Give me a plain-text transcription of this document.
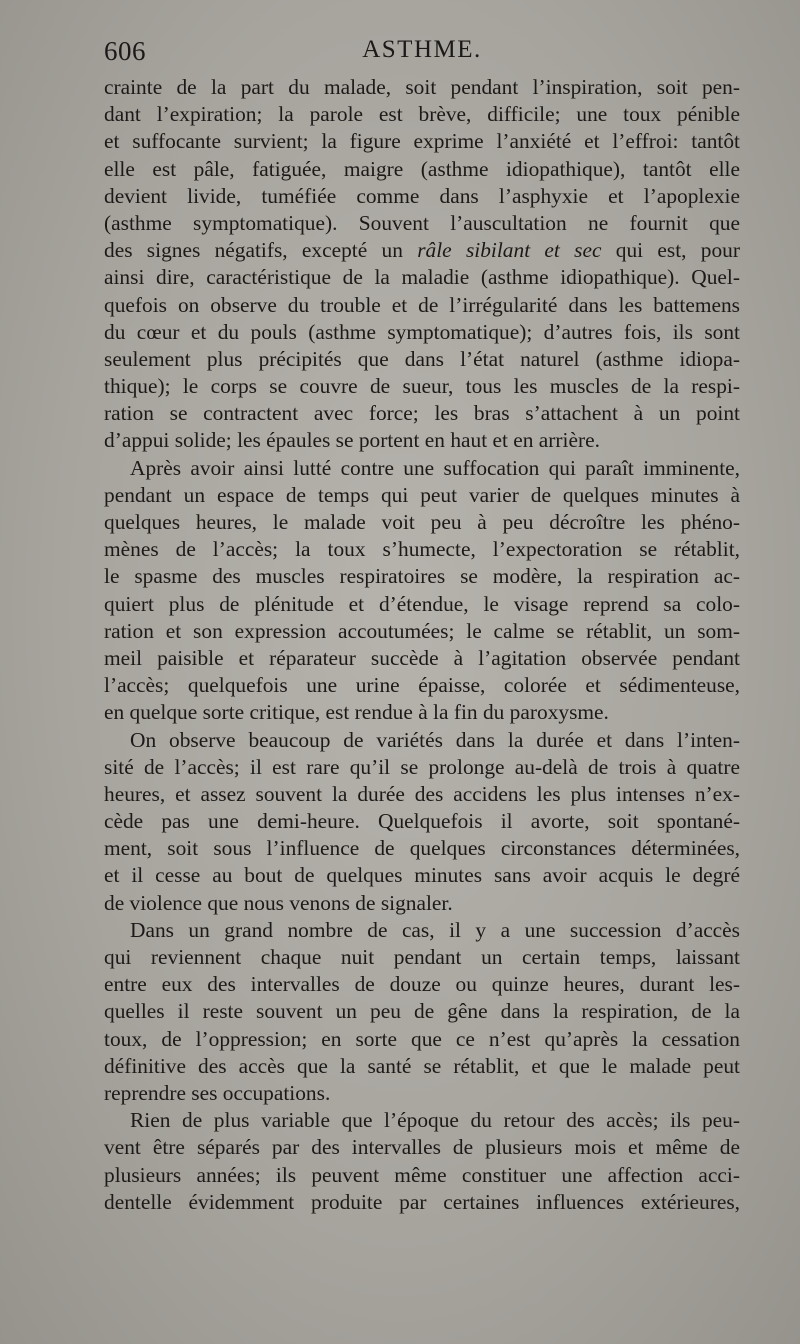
606	ASTHME.
crainte de la part du malade, soit pendant l’inspiration, soit pen-
dant l’expiration; la parole est brève, difficile; une toux pénible
et suffocante survient; la figure exprime l’anxiété et l’effroi: tantôt
elle est pâle, fatiguée, maigre (asthme idiopathique), tantôt elle
devient livide, tuméfiée comme dans l’asphyxie et l’apoplexie
(asthme symptomatique). Souvent l’auscultation ne fournit que
des signes négatifs, excepté un râle sibilant et sec qui est, pour
ainsi dire, caractéristique de la maladie (asthme idiopathique). Quel-
quefois on observe du trouble et de l’irrégularité dans les battemens
du cœur et du pouls (asthme symptomatique); d’autres fois, ils sont
seulement plus précipités que dans l’état naturel (asthme idiopa-
thique); le corps se couvre de sueur, tous les muscles de la respi-
ration se contractent avec force; les bras s’attachent à un point
d’appui solide; les épaules se portent en haut et en arrière.
Après avoir ainsi lutté contre une suffocation qui paraît imminente,
pendant un espace de temps qui peut varier de quelques minutes à
quelques heures, le malade voit peu à peu décroître les phéno-
mènes de l’accès; la toux s’humecte, l’expectoration se rétablit,
le spasme des muscles respiratoires se modère, la respiration ac-
quiert plus de plénitude et d’étendue, le visage reprend sa colo-
ration et son expression accoutumées; le calme se rétablit, un som-
meil paisible et réparateur succède à l’agitation observée pendant
l’accès; quelquefois une urine épaisse, colorée et sédimenteuse,
en quelque sorte critique, est rendue à la fin du paroxysme.
On observe beaucoup de variétés dans la durée et dans l’inten-
sité de l’accès; il est rare qu’il se prolonge au-delà de trois à quatre
heures, et assez souvent la durée des accidens les plus intenses n’ex-
cède pas une demi-heure. Quelquefois il avorte, soit spontané-
ment, soit sous l’influence de quelques circonstances déterminées,
et il cesse au bout de quelques minutes sans avoir acquis le degré
de violence que nous venons de signaler.
Dans un grand nombre de cas, il y a une succession d’accès
qui reviennent chaque nuit pendant un certain temps, laissant
entre eux des intervalles de douze ou quinze heures, durant les-
quelles il reste souvent un peu de gêne dans la respiration, de la
toux, de l’oppression; en sorte que ce n’est qu’après la cessation
définitive des accès que la santé se rétablit, et que le malade peut
reprendre ses occupations.
Rien de plus variable que l’époque du retour des accès; ils peu-
vent être séparés par des intervalles de plusieurs mois et même de
plusieurs années; ils peuvent même constituer une affection acci-
dentelle évidemment produite par certaines influences extérieures,
